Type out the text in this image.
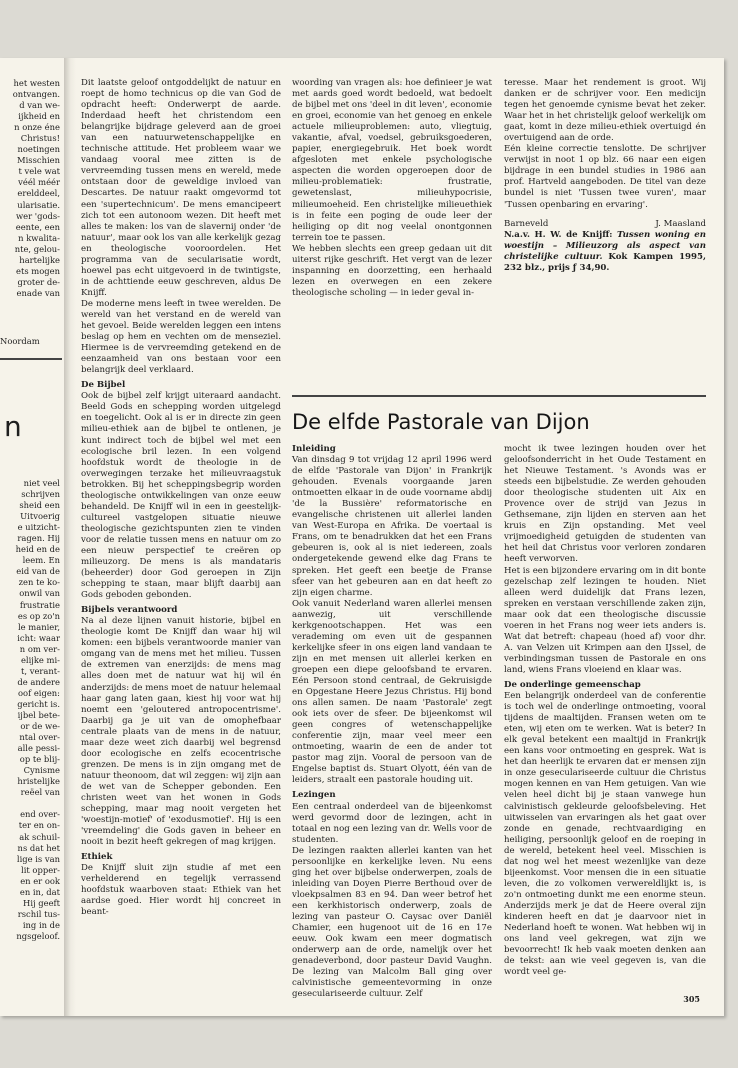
het westen
ontvangen.
d van we-
ijkheid en
n onze éne
Christus!
noetingen
Misschien
t vele wat
véél méér
erelddeel,
ularisatie.
wer 'gods-
eente, een
n kwalita-
nte, gelou-
hartelijke
ets mogen
groter de-
enade van
Noordam
n
niet veel
schrijven
sheid een
Uitvoerig
e uitzicht-
ragen. Hij
heid en de
leem. En
eid van de
zen te ko-
onwil van
frustratie
es op zo'n
le manier,
icht: waar
n om ver-
elijke mi-
t, verant-
de andere
oof eigen:
gericht is.
ijbel bete-
or de we-
ntal over-
alle pessi-
op te blij-
Cynisme
hristelijke
reëel van

end over-
ter en on-
ak schuil-
ns dat het
lige is van
lit opper-
en er ook
en in, dat
Hij geeft
rschil tus-
ing in de
ngsgeloof.

Dit laatste geloof ontgoddelijkt de natuur en roept de homo technicus op die van God de opdracht heeft: Onderwerpt de aarde. Inderdaad heeft het christendom een belangrijke bijdrage geleverd aan de groei van een natuurwetenschappelijke en technische attitude. Het probleem waar we vandaag vooral mee zitten is de vervreemding tussen mens en wereld, mede ontstaan door de geweldige invloed van Descartes. De natuur raakt omgevormd tot een 'supertechnicum'. De mens emancipeert zich tot een autonoom wezen. Dit heeft met alles te maken: los van de slavernij onder 'de natuur', maar ook los van alle kerkelijk gezag en theologische vooroordelen. Het programma van de secularisatie wordt, hoewel pas echt uitgevoerd in de twintigste, in de achttiende eeuw geschreven, aldus De Knijff.

De moderne mens leeft in twee werelden. De wereld van het verstand en de wereld van het gevoel. Beide werelden leggen een intens beslag op hem en vechten om de menseziel. Hiermee is de vervreemding getekend en de eenzaamheid van ons bestaan voor een belangrijk deel verklaard.

De Bijbel

Ook de bijbel zelf krijgt uiteraard aandacht. Beeld Gods en schepping worden uitgelegd en toegelicht. Ook al is er in directe zin geen milieu-ethiek aan de bijbel te ontlenen, je kunt indirect toch de bijbel wel met een ecologische bril lezen. In een volgend hoofdstuk wordt de theologie in de overwegingen terzake het milieuvraagstuk betrokken. Bij het scheppingsbegrip worden theologische ontwikkelingen van onze eeuw behandeld. De Knijff wil in een in geestelijk-cultureel vastgelopen situatie nieuwe theologische gezichtspunten zien te vinden voor de relatie tussen mens en natuur om zo een nieuw perspectief te creëren op milieuzorg. De mens is als mandataris (beheerder) door God geroepen in Zijn schepping te staan, maar blijft daarbij aan Gods geboden gebonden.

Bijbels verantwoord

Na al deze lijnen vanuit historie, bijbel en theologie komt De Knijff dan waar hij wil komen: een bijbels verantwoorde manier van omgang van de mens met het milieu. Tussen de extremen van enerzijds: de mens mag alles doen met de natuur wat hij wil én anderzijds: de mens moet de natuur helemaal haar gang laten gaan, kiest hij voor wat hij noemt een 'geloutered antropocentrisme'. Daarbij ga je uit van de omophefbaar centrale plaats van de mens in de natuur, maar deze weet zich daarbij wel begrensd door ecologische en zelfs ecocentrische grenzen. De mens is in zijn omgang met de natuur theonoom, dat wil zeggen: wij zijn aan de wet van de Schepper gebonden. Een christen weet van het wonen in Gods schepping, maar mag nooit vergeten het 'woestijn-motief' of 'exodusmotief'. Hij is een 'vreemdeling' die Gods gaven in beheer en nooit in bezit heeft gekregen of mag krijgen.

Ethiek

De Knijff sluit zijn studie af met een verhelderend en tegelijk verrassend hoofdstuk waarboven staat: Ethiek van het aardse goed. Hier wordt hij concreet in beant-

woording van vragen als: hoe definieer je wat met aards goed wordt bedoeld, wat bedoelt de bijbel met ons 'deel in dit leven', economie en groei, economie van het genoeg en enkele actuele milieuproblemen: auto, vliegtuig, vakantie, afval, voedsel, gebruiksgoederen, papier, energiegebruik. Het boek wordt afgesloten met enkele psychologische aspecten die worden opgeroepen door de milieu-problematiek: frustratie, gewetenslast, milieuhypocrisie, milieumoeheid. Een christelijke milieuethiek is in feite een poging de oude leer der heiliging op dit nog veelal onontgonnen terrein toe te passen.

We hebben slechts een greep gedaan uit dit uiterst rijke geschrift. Het vergt van de lezer inspanning en doorzetting, een herhaald lezen en overwegen en een zekere theologische scholing — in ieder geval in-

teresse. Maar het rendement is groot. Wij danken er de schrijver voor. Een medicijn tegen het genoemde cynisme bevat het zeker. Waar het in het christelijk geloof werkelijk om gaat, komt in deze milieu-ethiek overtuigd én overtuigend aan de orde.

Eén kleine correctie tenslotte. De schrijver verwijst in noot 1 op blz. 66 naar een eigen bijdrage in een bundel studies in 1986 aan prof. Hartveld aangeboden. De titel van deze bundel is niet 'Tussen twee vuren', maar 'Tussen openbaring en ervaring'.

Barneveld	J. Maasland

N.a.v. H. W. de Knijff: Tussen woning en woestijn – Milieuzorg als aspect van christelijke cultuur. Kok Kampen 1995, 232 blz., prijs ƒ 34,90.

De elfde Pastorale van Dijon
Inleiding

Van dinsdag 9 tot vrijdag 12 april 1996 werd de elfde 'Pastorale van Dijon' in Frankrijk gehouden. Evenals voorgaande jaren ontmoetten elkaar in de oude voorname abdij 'de la Bussière' reformatorische en evangelische christenen uit allerlei landen van West-Europa en Afrika. De voertaal is Frans, om te benadrukken dat het een Frans gebeuren is, ook al is niet iedereen, zoals ondergetekende gewend elke dag Frans te spreken. Het geeft een beetje de Franse sfeer van het gebeuren aan en dat heeft zo zijn eigen charme.

Ook vanuit Nederland waren allerlei mensen aanwezig, uit verschillende kerkgenootschappen. Het was een verademing om even uit de gespannen kerkelijke sfeer in ons eigen land vandaan te zijn en met mensen uit allerlei kerken en groepen een diepe geloofsband te ervaren. Eén Persoon stond centraal, de Gekruisigde en Opgestane Heere Jezus Christus. Hij bond ons allen samen. De naam 'Pastorale' zegt ook iets over de sfeer. De bijeenkomst wil geen congres of wetenschappelijke conferentie zijn, maar veel meer een ontmoeting, waarin de een de ander tot pastor mag zijn. Vooral de persoon van de Engelse baptist ds. Stuart Olyott, één van de leiders, straalt een pastorale houding uit.

Lezingen

Een centraal onderdeel van de bijeenkomst werd gevormd door de lezingen, acht in totaal en nog een lezing van dr. Wells voor de studenten.

De lezingen raakten allerlei kanten van het persoonlijke en kerkelijke leven. Nu eens ging het over bijbelse onderwerpen, zoals de inleiding van Doyen Pierre Berthoud over de vloekpsalmen 83 en 94. Dan weer betrof het een kerkhistorisch onderwerp, zoals de lezing van pasteur O. Caysac over Daniël Chamier, een hugenoot uit de 16 en 17e eeuw. Ook kwam een meer dogmatisch onderwerp aan de orde, namelijk over het genadeverbond, door pasteur David Vaughn. De lezing van Malcolm Ball ging over calvinistische gemeentevorming in onze geseculariseerde cultuur. Zelf

mocht ik twee lezingen houden over het geloofsonderricht in het Oude Testament en het Nieuwe Testament. 's Avonds was er steeds een bijbelstudie. Ze werden gehouden door theologische studenten uit Aix en Provence over de strijd van Jezus in Gethsemane, zijn lijden en sterven aan het kruis en Zijn opstanding. Met veel vrijmoedigheid getuigden de studenten van het heil dat Christus voor verloren zondaren heeft verworven.

Het is een bijzondere ervaring om in dit bonte gezelschap zelf lezingen te houden. Niet alleen werd duidelijk dat Frans lezen, spreken en verstaan verschillende zaken zijn, maar ook dat een theologische discussie voeren in het Frans nog weer iets anders is. Wat dat betreft: chapeau (hoed af) voor dhr. A. van Velzen uit Krimpen aan den IJssel, de verbindingsman tussen de Pastorale en ons land, wiens Frans vloeiend en klaar was.

De onderlinge gemeenschap

Een belangrijk onderdeel van de conferentie is toch wel de onderlinge ontmoeting, vooral tijdens de maaltijden. Fransen weten om te eten, wij eten om te werken. Wat is beter? In elk geval betekent een maaltijd in Frankrijk een kans voor ontmoeting en gesprek. Wat is het dan heerlijk te ervaren dat er mensen zijn in onze geseculariseerde cultuur die Christus mogen kennen en van Hem getuigen. Van wie velen heel dicht bij je staan vanwege hun calvinistisch gekleurde geloofsbeleving. Het uitwisselen van ervaringen als het gaat over zonde en genade, rechtvaardiging en heiliging, persoonlijk geloof en de roeping in de wereld, betekent heel veel. Misschien is dat nog wel het meest wezenlijke van deze bijeenkomst. Voor mensen die in een situatie leven, die zo volkomen verwereldlijkt is, is zo'n ontmoeting dunkt me een enorme steun. Anderzijds merk je dat de Heere overal zijn kinderen heeft en dat je daarvoor niet in Nederland hoeft te wonen. Wat hebben wij in ons land veel gekregen, wat zijn we bevoorrecht! Ik heb vaak moeten denken aan de tekst: aan wie veel gegeven is, van die wordt veel ge-

305
